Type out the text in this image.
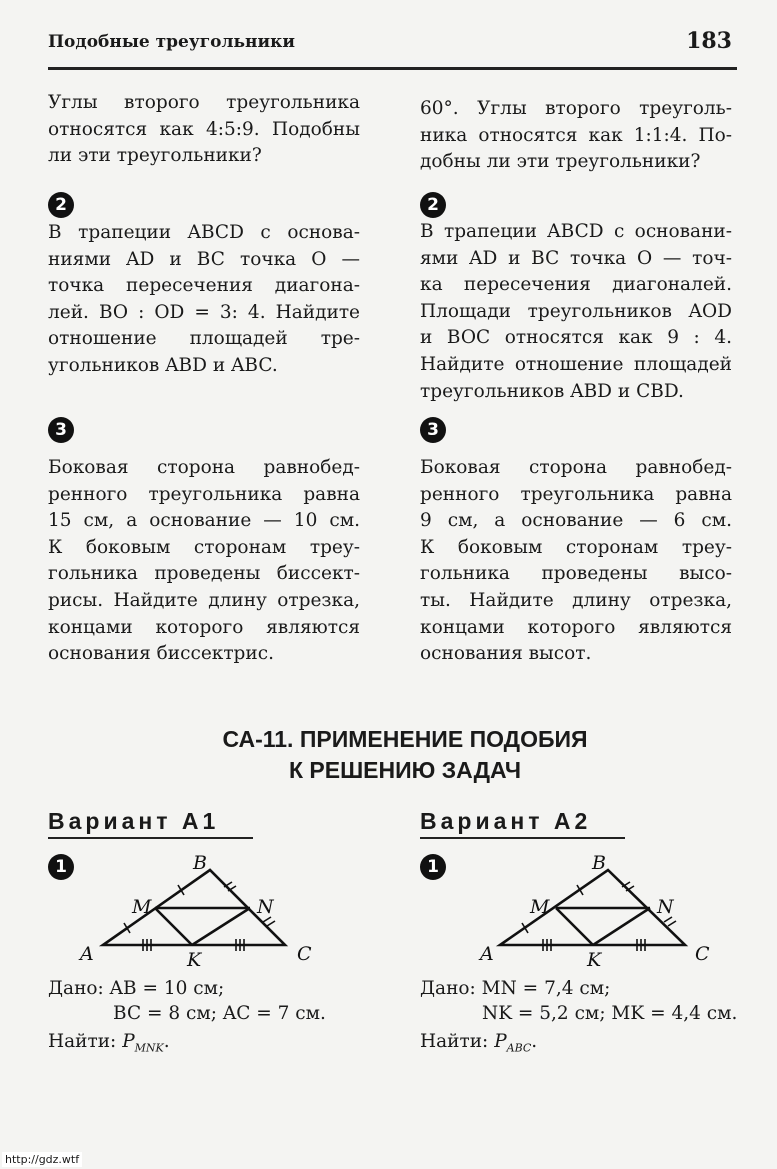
Подобные треугольники	183
Углы второго треугольника
относятся как 4:5:9. Подобны
ли эти треугольники?
2
В трапеции ABCD с основа-
ниями AD и BC точка O —
точка пересечения диагона-
лей. BO : OD = 3: 4. Найдите
отношение площадей тре-
угольников ABD и ABC.
3
Боковая сторона равнобед-
ренного треугольника равна
15 см, а основание — 10 см.
К боковым сторонам треу-
гольника проведены биссект-
рисы. Найдите длину отрезка,
концами которого являются
основания биссектрис.
60°. Углы второго треуголь-
ника относятся как 1:1:4. По-
добны ли эти треугольники?
2
В трапеции ABCD с основани-
ями AD и BC точка O — точ-
ка пересечения диагоналей.
Площади треугольников AOD
и BOC относятся как 9 : 4.
Найдите отношение площадей
треугольников ABD и CBD.
3
Боковая сторона равнобед-
ренного треугольника равна
9 см, а основание — 6 см.
К боковым сторонам треу-
гольника проведены высо-
ты. Найдите длину отрезка,
концами которого являются
основания высот.
СА-11. ПРИМЕНЕНИЕ ПОДОБИЯ
К РЕШЕНИЮ ЗАДАЧ
Вариант А1	Вариант А2
1	1
A
B
C
M	N
K	A
B
C
M	N
K
Дано: AB = 10 см;
BC = 8 см; AC = 7 см.
Найти: $P_{MNK}$.
Дано: MN = 7,4 см;
NK = 5,2 см; MK = 4,4 см.
Найти: $P_{ABC}$.
http://gdz.wtf
